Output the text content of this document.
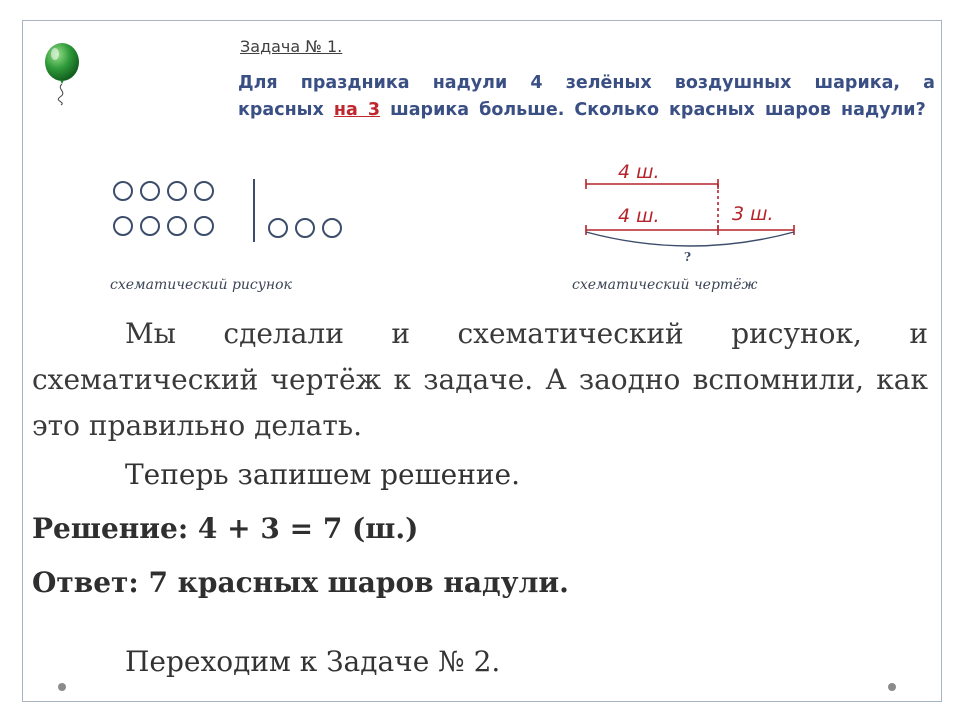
Задача № 1.
Для праздника надули 4 зелёных воздушных шарика, а красных на 3 шарика больше. Сколько красных шаров надули?
схематический рисунок	схематический чертёж
4 ш.
4 ш.	3 ш.
?
Мы сделали и схематический рисунок, и схематический чертёж к задаче. А заодно вспомнили, как это правильно делать.
Теперь запишем решение.
Решение: 4 + 3 = 7 (ш.)
Ответ: 7 красных шаров надули.
Переходим к Задаче № 2.
